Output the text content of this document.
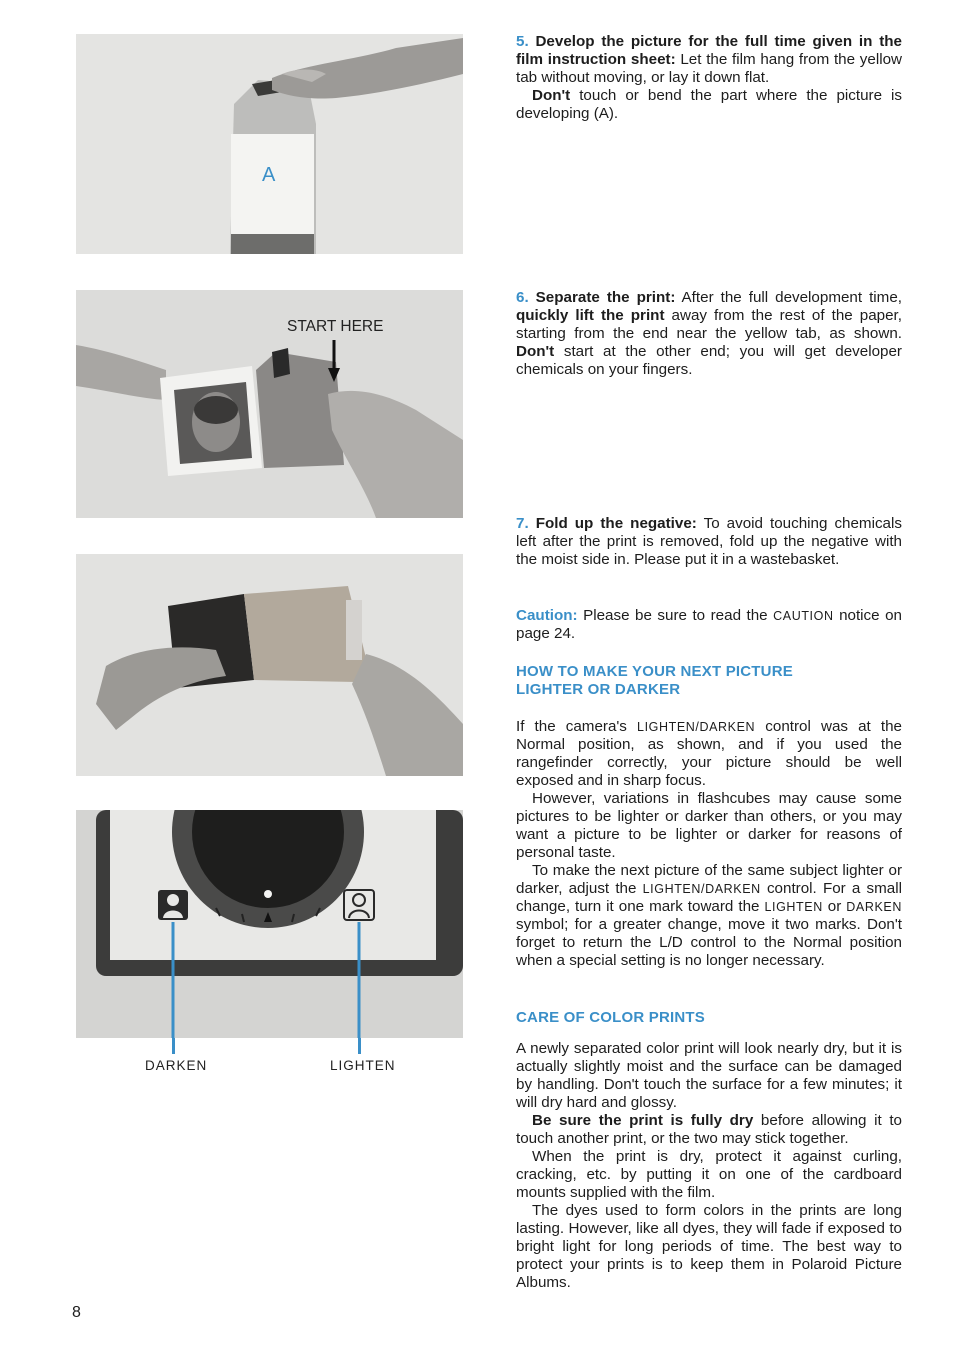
A
START HERE
DARKEN	LIGHTEN

5. Develop the picture for the full time given in the film instruction sheet: Let the film hang from the yellow tab without moving, or lay it down flat.

Don't touch or bend the part where the picture is developing (A).

6. Separate the print: After the full development time, quickly lift the print away from the rest of the paper, starting from the end near the yellow tab, as shown. Don't start at the other end; you will get developer chemicals on your fingers.

7. Fold up the negative: To avoid touching chemicals left after the print is removed, fold up the negative with the moist side in. Please put it in a wastebasket.

Caution: Please be sure to read the CAUTION notice on page 24.

HOW TO MAKE YOUR NEXT PICTURE
LIGHTER OR DARKER

If the camera's LIGHTEN/DARKEN control was at the Normal position, as shown, and if you used the rangefinder correctly, your picture should be well exposed and in sharp focus.

However, variations in flashcubes may cause some pictures to be lighter or darker than others, or you may want a picture to be lighter or darker for reasons of personal taste.

To make the next picture of the same subject lighter or darker, adjust the LIGHTEN/DARKEN control. For a small change, turn it one mark toward the LIGHTEN or DARKEN symbol; for a greater change, move it two marks. Don't forget to return the L/D control to the Normal position when a special setting is no longer necessary.

CARE OF COLOR PRINTS

A newly separated color print will look nearly dry, but it is actually slightly moist and the surface can be damaged by handling. Don't touch the surface for a few minutes; it will dry hard and glossy.

Be sure the print is fully dry before allowing it to touch another print, or the two may stick together.

When the print is dry, protect it against curling, cracking, etc. by putting it on one of the cardboard mounts supplied with the film.

The dyes used to form colors in the prints are long lasting. However, like all dyes, they will fade if exposed to bright light for long periods of time. The best way to protect your prints is to keep them in Polaroid Picture Albums.

8
